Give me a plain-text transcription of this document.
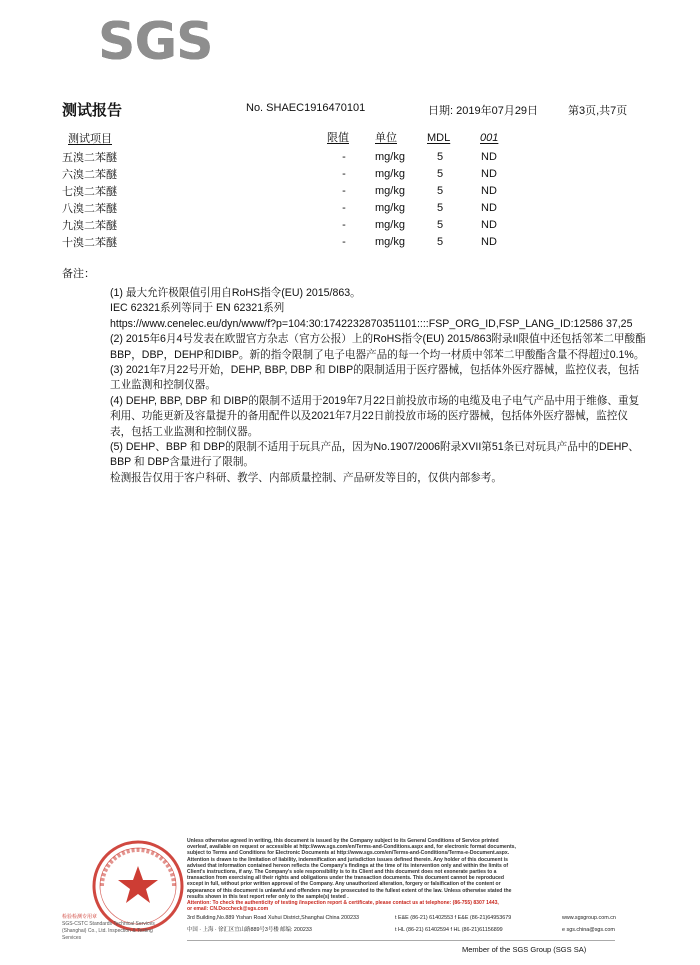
SGS
测试报告	No. SHAEC1916470101	日期: 2019年07月29日	第3页,共7页
测试项目	限值 单位	MDL	001
五溴二苯醚	-	mg/kg	5	ND
六溴二苯醚	-	mg/kg	5	ND
七溴二苯醚	-	mg/kg	5	ND
八溴二苯醚	-	mg/kg	5	ND
九溴二苯醚	-	mg/kg	5	ND
十溴二苯醚	-	mg/kg	5	ND
备注：

(1) 最大允许极限值引用自RoHS指令(EU) 2015/863。

IEC 62321系列等同于 EN 62321系列

https://www.cenelec.eu/dyn/www/f?p=104:30:1742232870351101::::FSP_ORG_ID,FSP_LANG_ID:12586 37,25

(2) 2015年6月4号发表在欧盟官方杂志（官方公报）上的RoHS指令(EU) 2015/863附录II限值中还包括邻苯二甲酸酯BBP，DBP，DEHP和DIBP。新的指令限制了电子电器产品的每一个均一材质中邻苯二甲酸酯含量不得超过0.1%。

(3) 2021年7月22号开始，DEHP, BBP, DBP 和 DIBP的限制适用于医疗器械，包括体外医疗器械，监控仪表，包括工业监测和控制仪器。

(4) DEHP, BBP, DBP 和 DIBP的限制不适用于2019年7月22日前投放市场的电缆及电子电气产品中用于维修、重复利用、功能更新及容量提升的备用配件以及2021年7月22日前投放市场的医疗器械，包括体外医疗器械，监控仪表，包括工业监测和控制仪器。

(5) DEHP、BBP 和 DBP的限制不适用于玩具产品，因为No.1907/2006附录XVII第51条已对玩具产品中的DEHP、BBP 和 DBP含量进行了限制。

检测报告仅用于客户科研、教学、内部质量控制、产品研发等目的，仅供内部参考。

检验检测专用章
SGS-CSTC Standards Technical Services (Shanghai) Co., Ltd. Inspection & Testing Services
Unless otherwise agreed in writing, this document is issued by the Company subject to its General Conditions of Service printed
overleaf, available on request or accessible at http://www.sgs.com/en/Terms-and-Conditions.aspx and, for electronic format documents,
subject to Terms and Conditions for Electronic Documents at http://www.sgs.com/en/Terms-and-Conditions/Terms-e-Document.aspx.
Attention is drawn to the limitation of liability, indemnification and jurisdiction issues defined therein. Any holder of this document is
advised that information contained hereon reflects the Company's findings at the time of its intervention only and within the limits of
Client's instructions, if any. The Company's sole responsibility is to its Client and this document does not exonerate parties to a
transaction from exercising all their rights and obligations under the transaction documents. This document cannot be reproduced
except in full, without prior written approval of the Company. Any unauthorized alteration, forgery or falsification of the content or
appearance of this document is unlawful and offenders may be prosecuted to the fullest extent of the law. Unless otherwise stated the
results shown in this test report refer only to the sample(s) tested .
Attention: To check the authenticity of testing /inspection report & certificate, please contact us at telephone: (86-755) 8307 1443,
or email: CN.Doccheck@sgs.com
3rd Building,No.889 Yishan Road Xuhui District,Shanghai China 200233
中国 · 上海 · 徐汇区宜山路889号3号楼 邮编: 200233
t E&E (86-21) 61402553 f E&E (86-21)64953679
t HL (86-21) 61402594 f HL (86-21)61156899
www.sgsgroup.com.cn
e sgs.china@sgs.com
Member of the SGS Group (SGS SA)
